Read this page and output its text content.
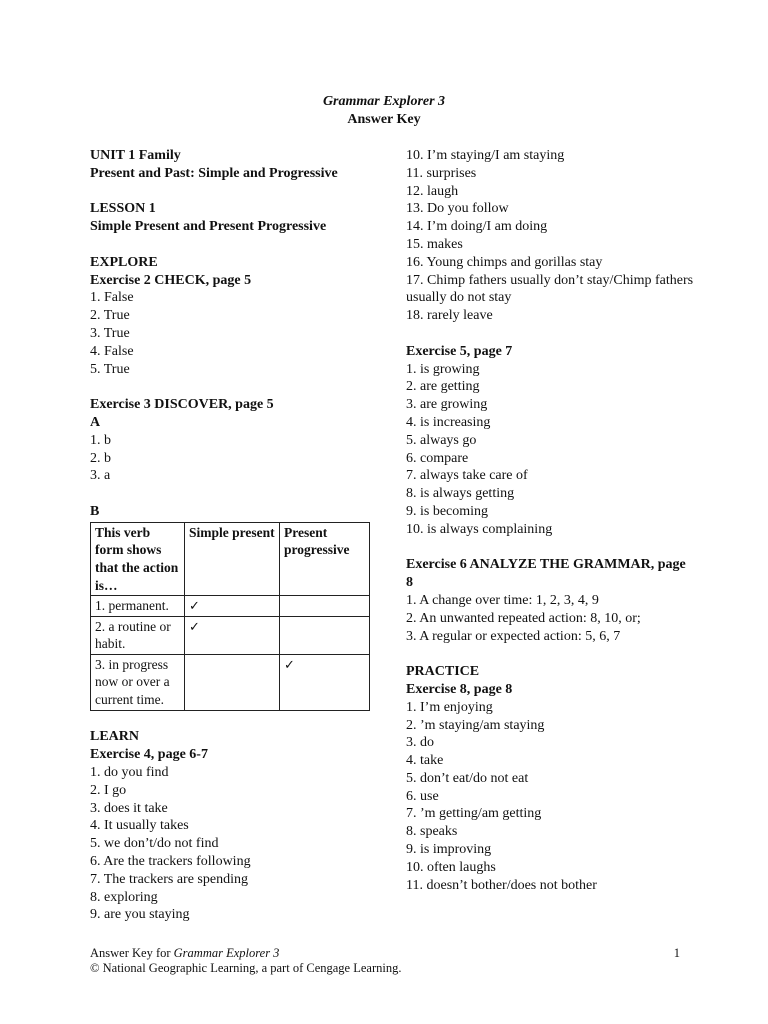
Grammar Explorer 3
Answer Key
UNIT 1 Family
Present and Past: Simple and Progressive
LESSON 1
Simple Present and Present Progressive
EXPLORE
Exercise 2 CHECK, page 5
1. False
2. True
3. True
4. False
5. True
Exercise 3 DISCOVER, page 5
A
1. b
2. b
3. a
B
This verb form shows that the action is…	Simple present	Present progressive
1. permanent.	✓	
2. a routine or habit.	✓	
3. in progress now or over a current time.		✓
LEARN
Exercise 4, page 6-7
1. do you find
2. I go
3. does it take
4. It usually takes
5. we don’t/do not find
6. Are the trackers following
7. The trackers are spending
8. exploring
9. are you staying
10. I’m staying/I am staying
11. surprises
12. laugh
13. Do you follow
14. I’m doing/I am doing
15. makes
16. Young chimps and gorillas stay
17. Chimp fathers usually don’t stay/Chimp fathers usually do not stay
18. rarely leave
Exercise 5, page 7
1. is growing
2. are getting
3. are growing
4. is increasing
5. always go
6. compare
7. always take care of
8. is always getting
9. is becoming
10. is always complaining
Exercise 6 ANALYZE THE GRAMMAR, page 8
1. A change over time: 1, 2, 3, 4, 9
2. An unwanted repeated action: 8, 10, or;
3. A regular or expected action: 5, 6, 7
PRACTICE
Exercise 8, page 8
1. I’m enjoying
2. ’m staying/am staying
3. do
4. take
5. don’t eat/do not eat
6. use
7. ’m getting/am getting
8. speaks
9. is improving
10. often laughs
11. doesn’t bother/does not bother
Answer Key for Grammar Explorer 3
© National Geographic Learning, a part of Cengage Learning.
1
